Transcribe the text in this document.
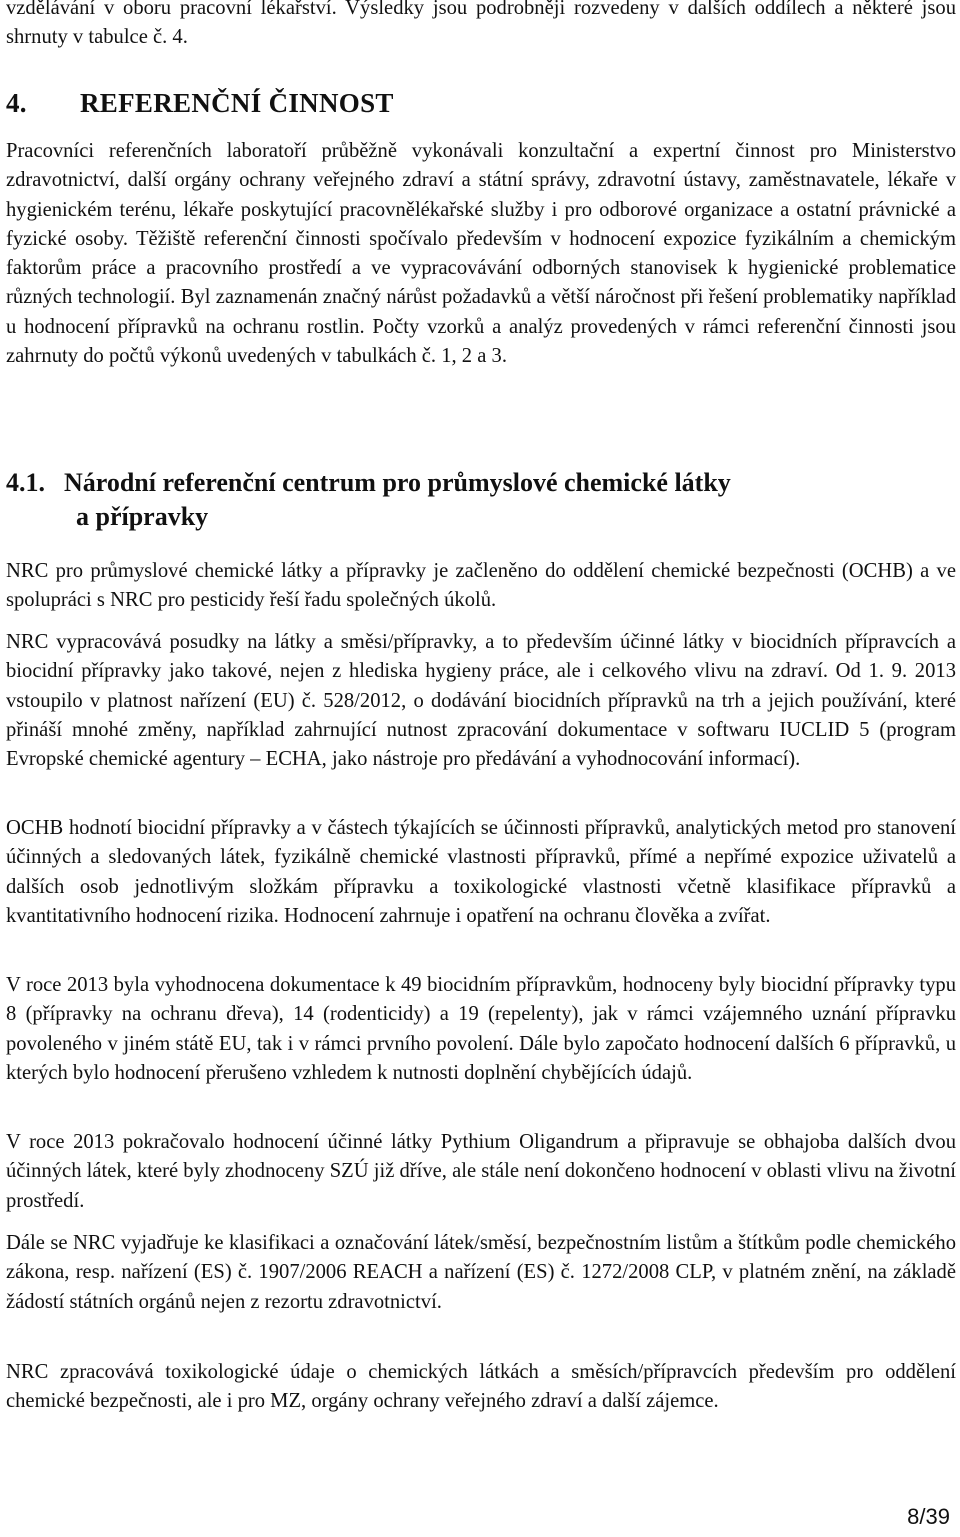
vzdělávání v oboru pracovní lékařství. Výsledky jsou podrobněji rozvedeny v dalších oddílech a některé jsou shrnuty v tabulce č. 4.

4. REFERENČNÍ ČINNOST

Pracovníci referenčních laboratoří průběžně vykonávali konzultační a expertní činnost pro Ministerstvo zdravotnictví, další orgány ochrany veřejného zdraví a státní správy, zdravotní ústavy, zaměstnavatele, lékaře v hygienickém terénu, lékaře poskytující pracovnělékařské služby i pro odborové organizace a ostatní právnické a fyzické osoby. Těžiště referenční činnosti spočívalo především v hodnocení expozice fyzikálním a chemickým faktorům práce a pracovního prostředí a ve vypracovávání odborných stanovisek k hygienické problematice různých technologií. Byl zaznamenán značný nárůst požadavků a větší náročnost při řešení problematiky například u hodnocení přípravků na ochranu rostlin. Počty vzorků a analýz provedených v rámci referenční činnosti jsou zahrnuty do počtů výkonů uvedených v tabulkách č. 1, 2 a 3.

4.1. Národní referenční centrum pro průmyslové chemické látky
a přípravky

NRC pro průmyslové chemické látky a přípravky je začleněno do oddělení chemické bezpečnosti (OCHB) a ve spolupráci s NRC pro pesticidy řeší řadu společných úkolů.

NRC vypracovává posudky na látky a směsi/přípravky, a to především účinné látky v biocidních přípravcích a biocidní přípravky jako takové, nejen z hlediska hygieny práce, ale i celkového vlivu na zdraví. Od 1. 9. 2013 vstoupilo v platnost nařízení (EU) č. 528/2012, o dodávání biocidních přípravků na trh a jejich používání, které přináší mnohé změny, například zahrnující nutnost zpracování dokumentace v softwaru IUCLID 5 (program Evropské chemické agentury – ECHA, jako nástroje pro předávání a vyhodnocování informací).

OCHB hodnotí biocidní přípravky a v částech týkajících se účinnosti přípravků, analytických metod pro stanovení účinných a sledovaných látek, fyzikálně chemické vlastnosti přípravků, přímé a nepřímé expozice uživatelů a dalších osob jednotlivým složkám přípravku a toxikologické vlastnosti včetně klasifikace přípravků a kvantitativního hodnocení rizika. Hodnocení zahrnuje i opatření na ochranu člověka a zvířat.

V roce 2013 byla vyhodnocena dokumentace k 49 biocidním přípravkům, hodnoceny byly biocidní přípravky typu 8 (přípravky na ochranu dřeva), 14 (rodenticidy) a 19 (repelenty), jak v rámci vzájemného uznání přípravku povoleného v jiném státě EU, tak i v rámci prvního povolení. Dále bylo započato hodnocení dalších 6 přípravků, u kterých bylo hodnocení přerušeno vzhledem k nutnosti doplnění chybějících údajů.

V roce 2013 pokračovalo hodnocení účinné látky Pythium Oligandrum a připravuje se obhajoba dalších dvou účinných látek, které byly zhodnoceny SZÚ již dříve, ale stále není dokončeno hodnocení v oblasti vlivu na životní prostředí.

Dále se NRC vyjadřuje ke klasifikaci a označování látek/směsí, bezpečnostním listům a štítkům podle chemického zákona, resp. nařízení (ES) č. 1907/2006 REACH a nařízení (ES) č. 1272/2008 CLP, v platném znění, na základě žádostí státních orgánů nejen z rezortu zdravotnictví.

NRC zpracovává toxikologické údaje o chemických látkách a směsích/přípravcích především pro oddělení chemické bezpečnosti, ale i pro MZ, orgány ochrany veřejného zdraví a další zájemce.

8/39
